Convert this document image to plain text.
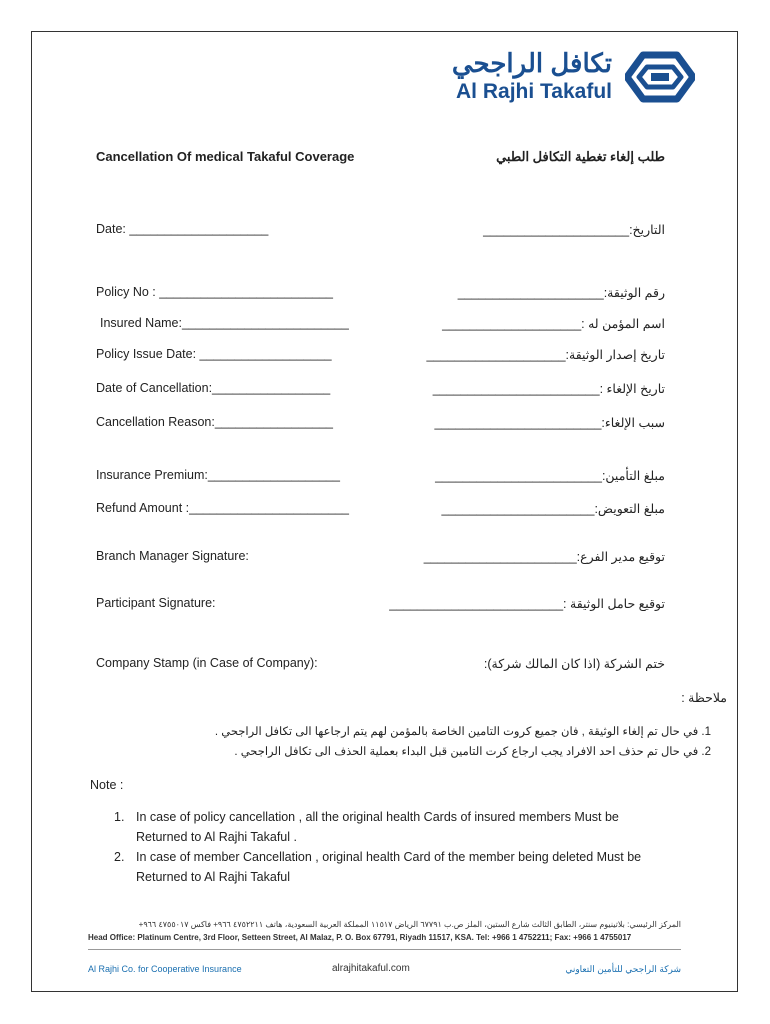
تكافل الراجحي
Al Rajhi Takaful
Cancellation Of medical Takaful Coverage	طلب إلغاء تغطية التكافل الطبي
Date: ____________________	التاريخ:_____________________
Policy No : _________________________	رقم الوثيقة:_____________________
Insured Name:________________________	اسم المؤمن له :____________________
Policy Issue Date: ___________________	تاريخ إصدار الوثيقة:____________________
Date of Cancellation:_________________	تاريخ الإلغاء :________________________
Cancellation Reason:_________________	سبب الإلغاء:________________________
Insurance Premium:___________________	مبلغ التأمين:________________________
Refund Amount :_______________________	مبلغ التعويض:______________________
Branch Manager Signature:	توقيع مدير الفرع:______________________
Participant Signature:	توقيع حامل الوثيقة :_________________________
Company Stamp (in Case of Company):	ختم الشركة (اذا كان المالك شركة):
ملاحظة :
1. في حال تم إلغاء الوثيقة , فان جميع كروت التامين الخاصة بالمؤمن لهم يتم ارجاعها الى تكافل الراجحي .
2. في حال تم حذف احد الافراد يجب ارجاع كرت التامين قبل البداء بعملية الحذف الى تكافل الراجحي .
Note :
1. In case of policy cancellation , all the original health Cards of insured members Must be
Returned to Al Rajhi Takaful .
2. In case of member Cancellation , original health Card of the member being deleted Must be
Returned to Al Rajhi Takaful
المركز الرئيسي: بلاتينيوم سنتر، الطابق الثالث شارع الستين، الملز ص.ب ٦٧٧٩١ الرياض ١١٥١٧ المملكة العربية السعودية، هاتف ٤٧٥٢٢١١ ٩٦٦+ فاكس ٤٧٥٥٠١٧ ٩٦٦+
Head Office: Platinum Centre, 3rd Floor, Setteen Street, Al Malaz, P. O. Box 67791, Riyadh 11517, KSA. Tel: +966 1 4752211; Fax: +966 1 4755017
Al Rajhi Co. for Cooperative Insurance	alrajhitakaful.com	شركة الراجحي للتأمين التعاوني
